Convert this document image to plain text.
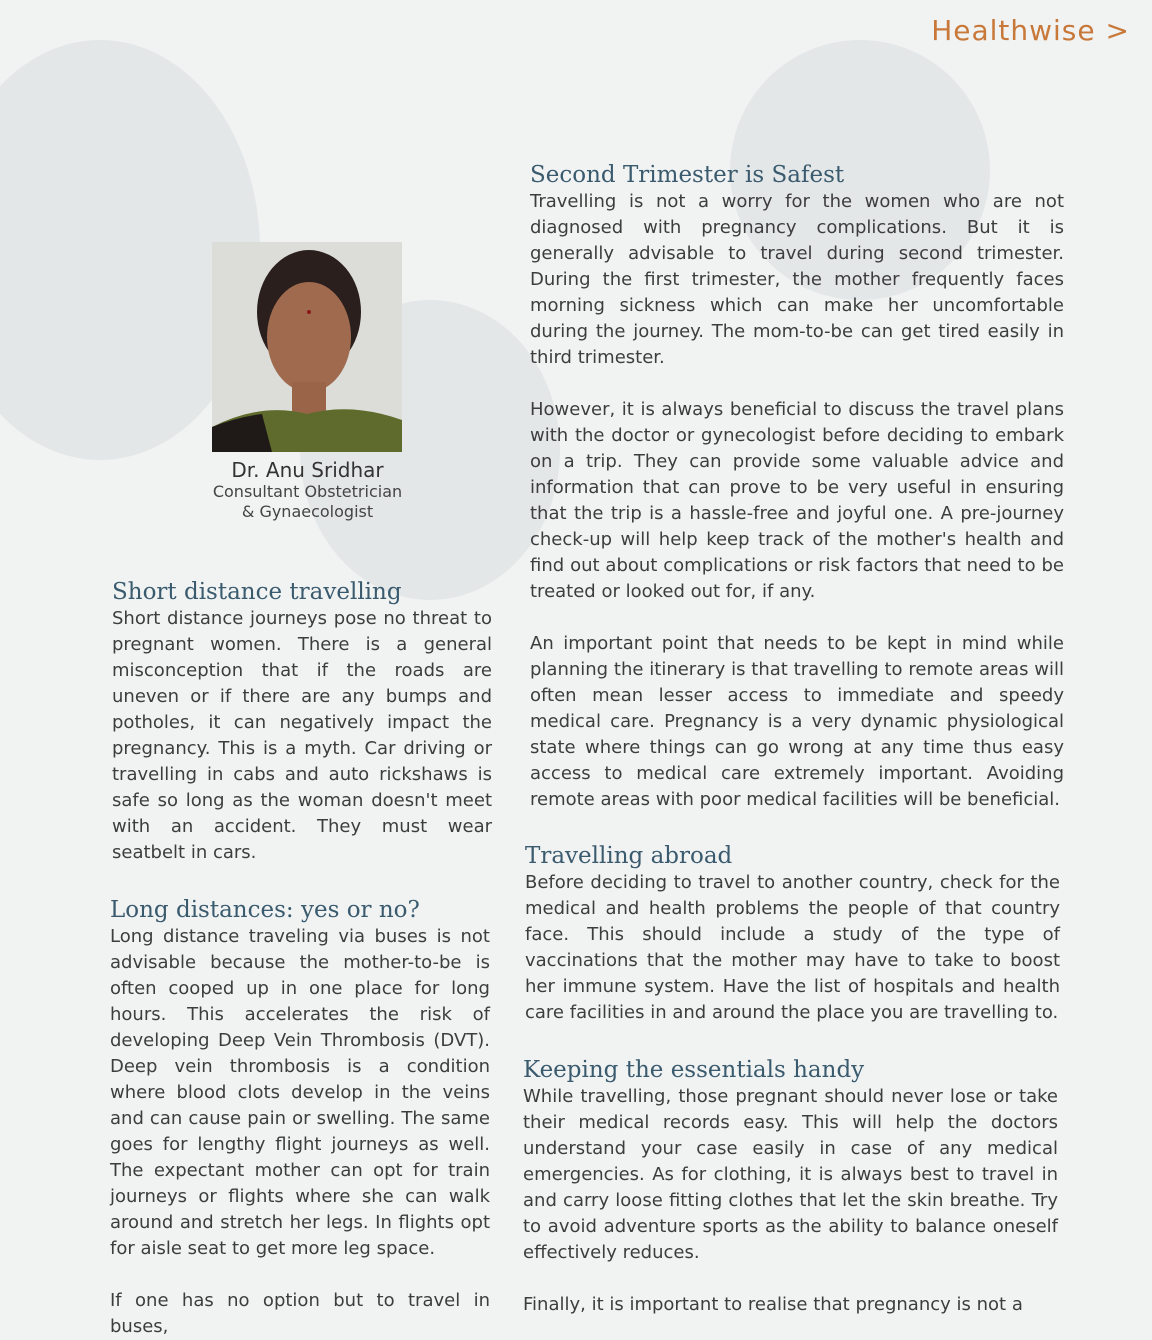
Healthwise >
Dr. Anu Sridhar
Consultant Obstetrician
& Gynaecologist
Short distance travelling

Short distance journeys pose no threat to pregnant women. There is a general misconception that if the roads are uneven or if there are any bumps and potholes, it can negatively impact the pregnancy. This is a myth. Car driving or travelling in cabs and auto rickshaws is safe so long as the woman doesn't meet with an accident. They must wear seatbelt in cars.

Long distances: yes or no?

Long distance traveling via buses is not advisable because the mother-to-be is often cooped up in one place for long hours. This accelerates the risk of developing Deep Vein Thrombosis (DVT). Deep vein thrombosis is a condition where blood clots develop in the veins and can cause pain or swelling. The same goes for lengthy flight journeys as well. The expectant mother can opt for train journeys or flights where she can walk around and stretch her legs. In flights opt for aisle seat to get more leg space.

If one has no option but to travel in buses,

Second Trimester is Safest

Travelling is not a worry for the women who are not diagnosed with pregnancy complications. But it is generally advisable to travel during second trimester. During the first trimester, the mother frequently faces morning sickness which can make her uncomfortable during the journey. The mom-to-be can get tired easily in third trimester.

However, it is always beneficial to discuss the travel plans with the doctor or gynecologist before deciding to embark on a trip. They can provide some valuable advice and information that can prove to be very useful in ensuring that the trip is a hassle-free and joyful one. A pre-journey check-up will help keep track of the mother's health and find out about complications or risk factors that need to be treated or looked out for, if any.

An important point that needs to be kept in mind while planning the itinerary is that travelling to remote areas will often mean lesser access to immediate and speedy medical care. Pregnancy is a very dynamic physiological state where things can go wrong at any time thus easy access to medical care extremely important. Avoiding remote areas with poor medical facilities will be beneficial.

Travelling abroad

Before deciding to travel to another country, check for the medical and health problems the people of that country face. This should include a study of the type of vaccinations that the mother may have to take to boost her immune system. Have the list of hospitals and health care facilities in and around the place you are travelling to.

Keeping the essentials handy

While travelling, those pregnant should never lose or take their medical records easy. This will help the doctors understand your case easily in case of any medical emergencies. As for clothing, it is always best to travel in and carry loose fitting clothes that let the skin breathe. Try to avoid adventure sports as the ability to balance oneself effectively reduces.

Finally, it is important to realise that pregnancy is not a
